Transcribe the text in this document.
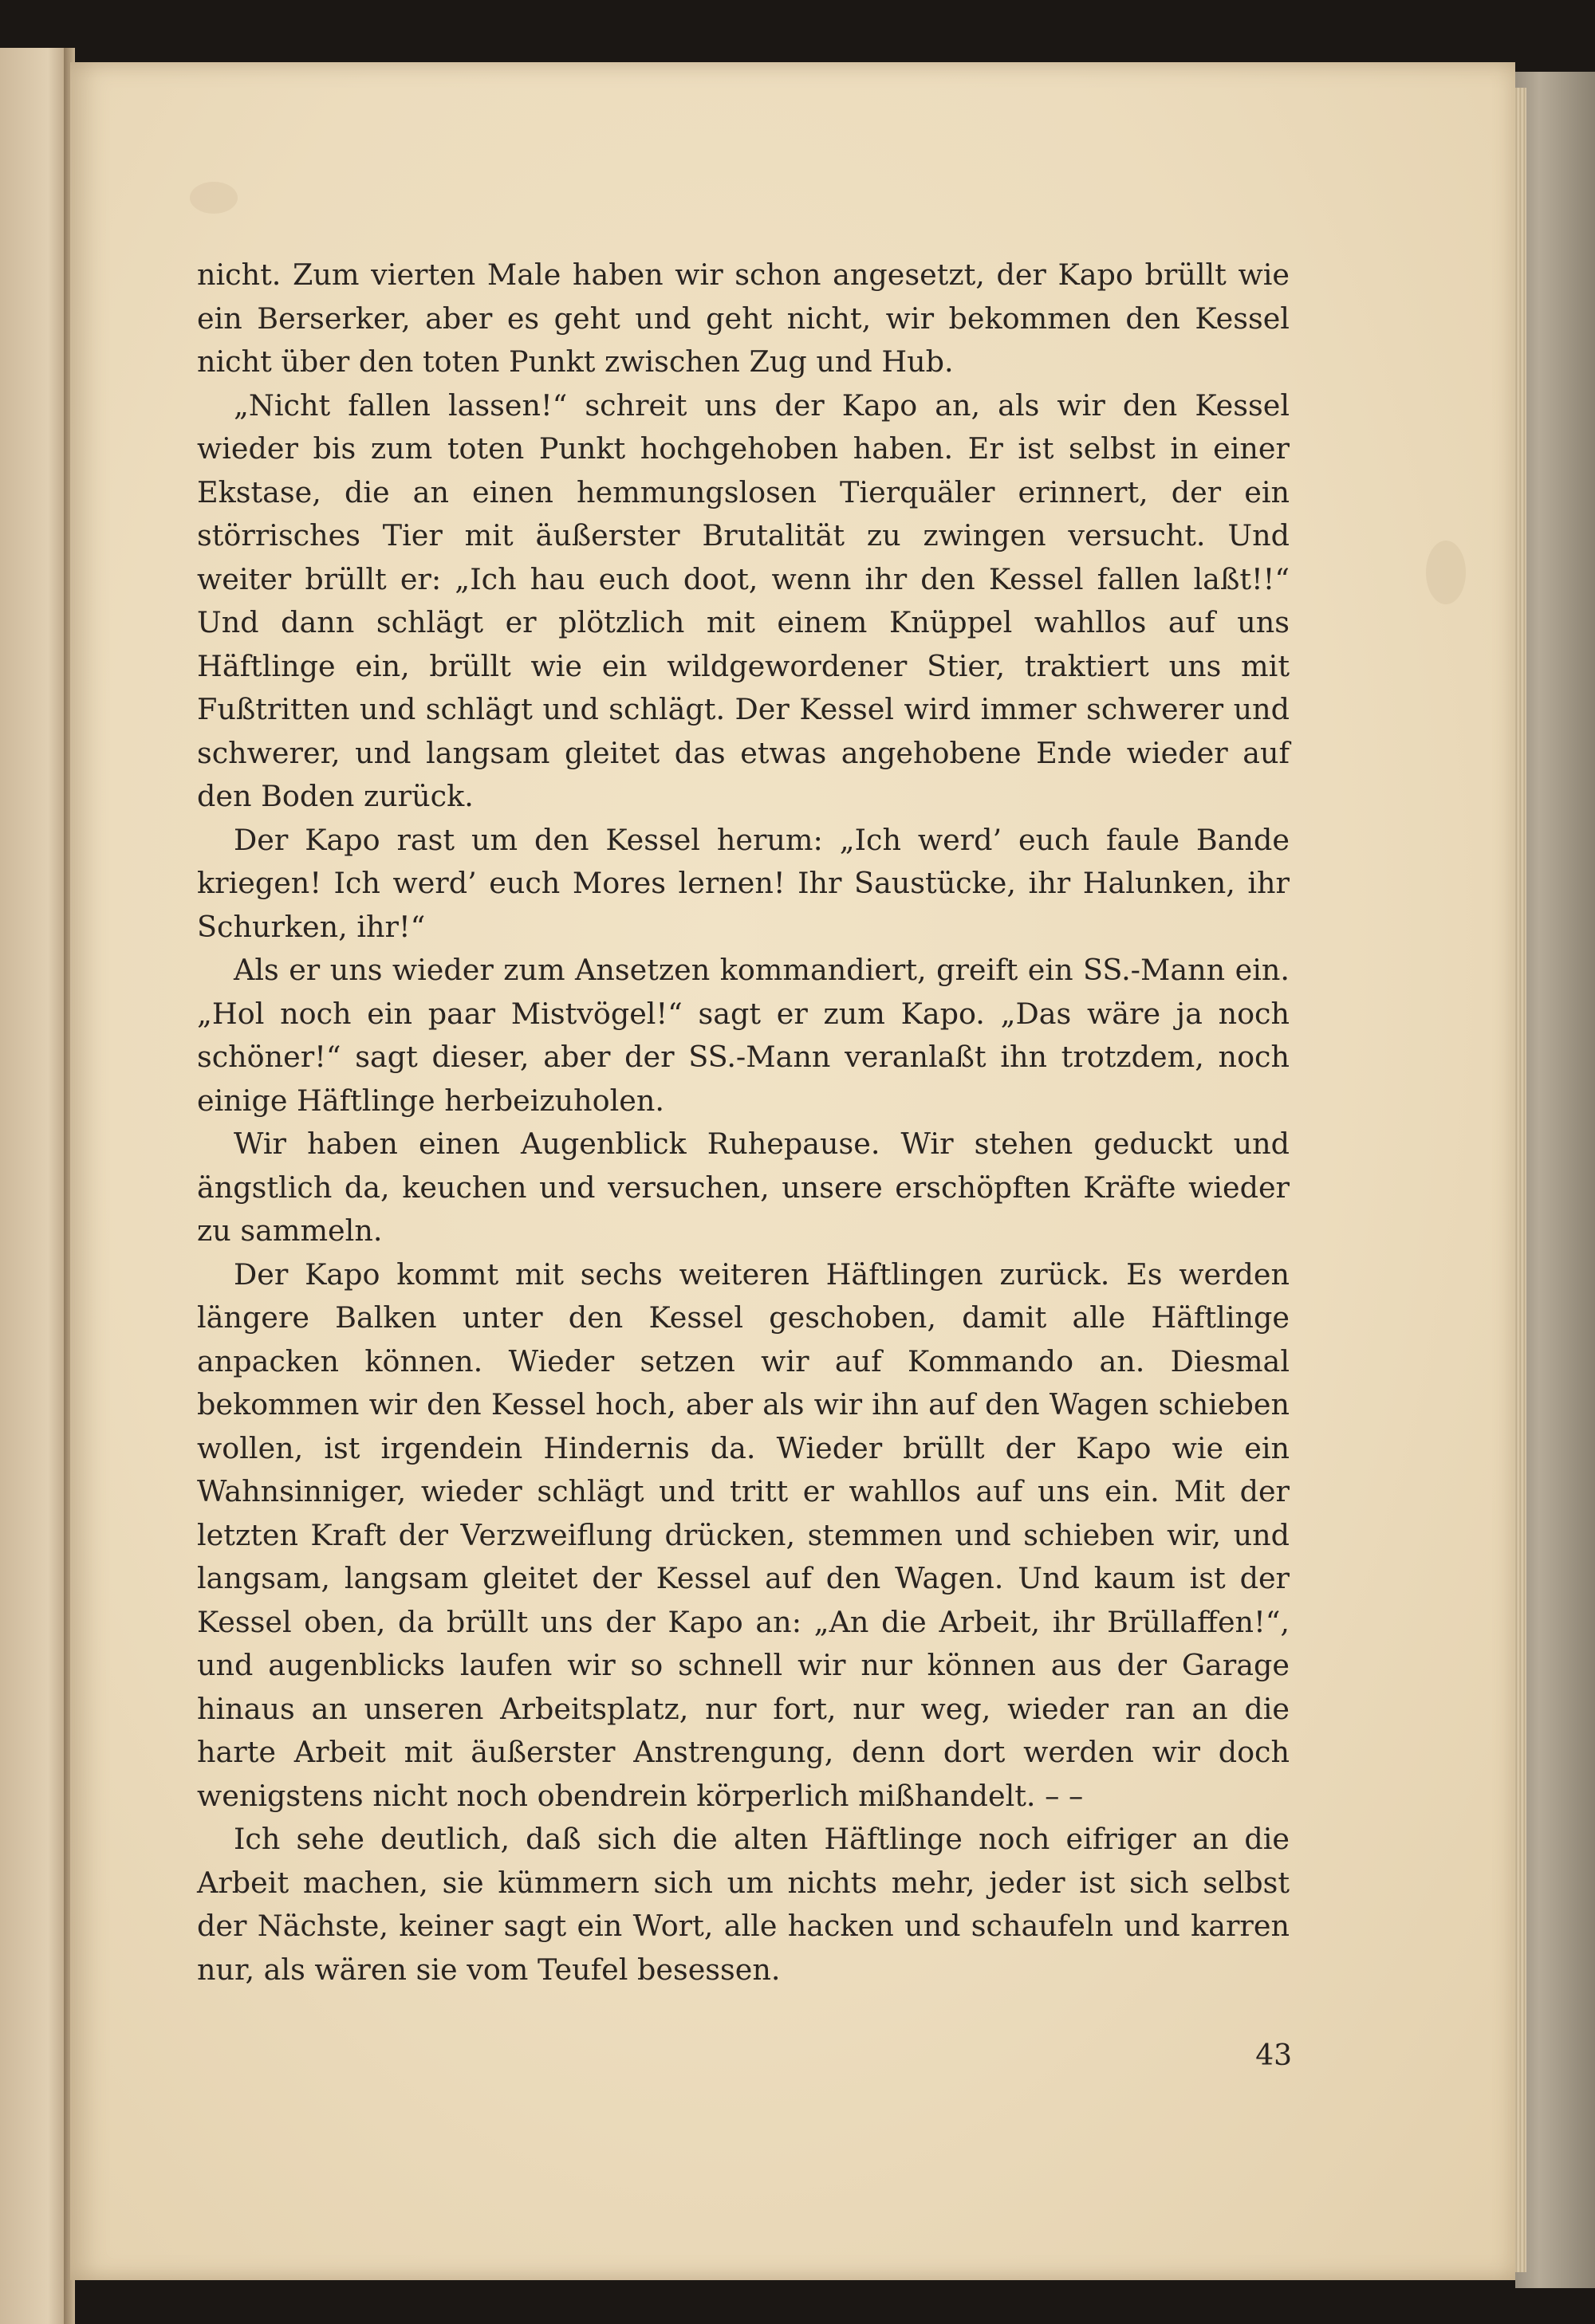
nicht. Zum vierten Male haben wir schon angesetzt, der Kapo brüllt wie ein Berserker, aber es geht und geht nicht, wir bekommen den Kessel nicht über den toten Punkt zwischen Zug und Hub.

„Nicht fallen lassen!“ schreit uns der Kapo an, als wir den Kessel wieder bis zum toten Punkt hochgehoben haben. Er ist selbst in einer Ekstase, die an einen hemmungslosen Tierquäler erinnert, der ein störrisches Tier mit äußerster Brutalität zu zwingen versucht. Und weiter brüllt er: „Ich hau euch doot, wenn ihr den Kessel fallen laßt!!“ Und dann schlägt er plötzlich mit einem Knüppel wahllos auf uns Häftlinge ein, brüllt wie ein wildgewordener Stier, traktiert uns mit Fußtritten und schlägt und schlägt. Der Kessel wird immer schwerer und schwerer, und langsam gleitet das etwas angehobene Ende wieder auf den Boden zurück.

Der Kapo rast um den Kessel herum: „Ich werd’ euch faule Bande kriegen! Ich werd’ euch Mores lernen! Ihr Saustücke, ihr Halunken, ihr Schurken, ihr!“

Als er uns wieder zum Ansetzen kommandiert, greift ein SS.-Mann ein. „Hol noch ein paar Mistvögel!“ sagt er zum Kapo. „Das wäre ja noch schöner!“ sagt dieser, aber der SS.-Mann veranlaßt ihn trotzdem, noch einige Häftlinge herbeizuholen.

Wir haben einen Augenblick Ruhepause. Wir stehen geduckt und ängstlich da, keuchen und versuchen, unsere erschöpften Kräfte wieder zu sammeln.

Der Kapo kommt mit sechs weiteren Häftlingen zurück. Es werden längere Balken unter den Kessel geschoben, damit alle Häftlinge anpacken können. Wieder setzen wir auf Kommando an. Diesmal bekommen wir den Kessel hoch, aber als wir ihn auf den Wagen schieben wollen, ist irgendein Hindernis da. Wieder brüllt der Kapo wie ein Wahnsinniger, wieder schlägt und tritt er wahllos auf uns ein. Mit der letzten Kraft der Verzweiflung drücken, stemmen und schieben wir, und langsam, langsam gleitet der Kessel auf den Wagen. Und kaum ist der Kessel oben, da brüllt uns der Kapo an: „An die Arbeit, ihr Brüllaffen!“, und augenblicks laufen wir so schnell wir nur können aus der Garage hinaus an unseren Arbeitsplatz, nur fort, nur weg, wieder ran an die harte Arbeit mit äußerster Anstrengung, denn dort werden wir doch wenigstens nicht noch obendrein körperlich mißhandelt. – –

Ich sehe deutlich, daß sich die alten Häftlinge noch eifriger an die Arbeit machen, sie kümmern sich um nichts mehr, jeder ist sich selbst der Nächste, keiner sagt ein Wort, alle hacken und schaufeln und karren nur, als wären sie vom Teufel besessen.

43
